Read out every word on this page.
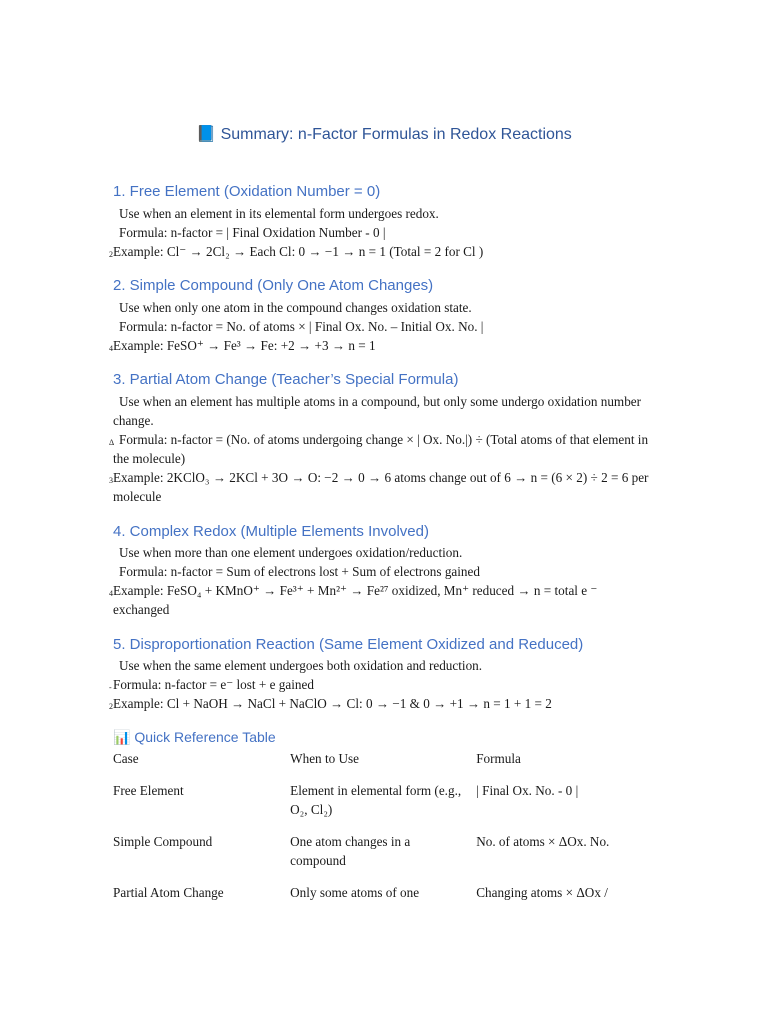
📘 Summary: n-Factor Formulas in Redox Reactions
1. Free Element (Oxidation Number = 0)
Use when an element in its elemental form undergoes redox.
Formula: n-factor = | Final Oxidation Number - 0 |
2 Example: Cl⁻ → 2Cl₂ → Each Cl: 0 → −1 → n = 1 (Total = 2 for Cl )
2. Simple Compound (Only One Atom Changes)
Use when only one atom in the compound changes oxidation state.
Formula: n-factor = No. of atoms × | Final Ox. No. – Initial Ox. No. |
4 Example: FeSO⁺ → Fe³ → Fe: +2 → +3 → n = 1
3. Partial Atom Change (Teacher’s Special Formula)
Use when an element has multiple atoms in a compound, but only some undergo oxidation number change.
Δ Formula: n-factor = (No. of atoms undergoing change × | Ox. No.|) ÷ (Total atoms of that element in the molecule)
3 Example: 2KClO₃ → 2KCl + 3O → O: −2 → 0 → 6 atoms change out of 6 → n = (6 × 2) ÷ 2 = 6 per molecule
4. Complex Redox (Multiple Elements Involved)
Use when more than one element undergoes oxidation/reduction.
Formula: n-factor = Sum of electrons lost + Sum of electrons gained
4 Example: FeSO₄ + KMnO⁺ → Fe³⁺ + Mn²⁺ → Fe²⁷ oxidized, Mn⁺ reduced → n = total e ⁻ exchanged
5. Disproportionation Reaction (Same Element Oxidized and Reduced)
Use when the same element undergoes both oxidation and reduction.
- Formula: n-factor = e⁻ lost + e gained
2 Example: Cl + NaOH → NaCl + NaClO → Cl: 0 → −1 & 0 → +1 → n = 1 + 1 = 2
📊 Quick Reference Table
Case	When to Use	Formula
Free Element	Element in elemental form (e.g., O₂, Cl₂)	| Final Ox. No. - 0 |
Simple Compound	One atom changes in a compound	No. of atoms × ΔOx. No.
Partial Atom Change	Only some atoms of one	Changing atoms × ΔOx /
